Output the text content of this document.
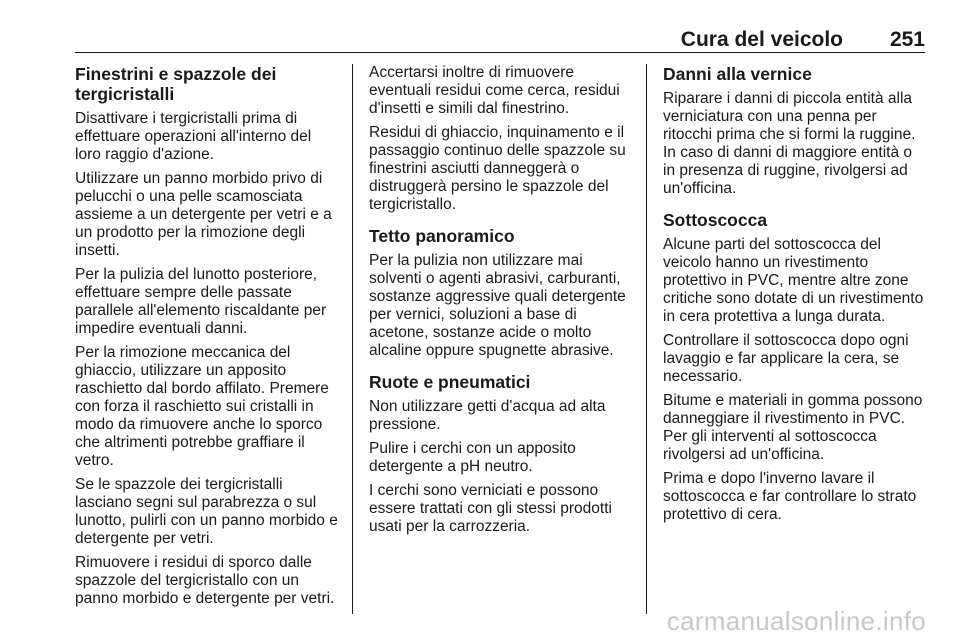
Cura del veicolo 251
Finestrini e spazzole dei tergicristalli

Disattivare i tergicristalli prima di effettuare operazioni all'interno del loro raggio d'azione.

Utilizzare un panno morbido privo di pelucchi o una pelle scamosciata assieme a un detergente per vetri e a un prodotto per la rimozione degli insetti.

Per la pulizia del lunotto posteriore, effettuare sempre delle passate parallele all'elemento riscaldante per impedire eventuali danni.

Per la rimozione meccanica del ghiaccio, utilizzare un apposito raschietto dal bordo affilato. Premere con forza il raschietto sui cristalli in modo da rimuovere anche lo sporco che altrimenti potrebbe graffiare il vetro.

Se le spazzole dei tergicristalli lasciano segni sul parabrezza o sul lunotto, pulirli con un panno morbido e detergente per vetri.

Rimuovere i residui di sporco dalle spazzole del tergicristallo con un panno morbido e detergente per vetri.

Accertarsi inoltre di rimuovere eventuali residui come cerca, residui d'insetti e simili dal finestrino.

Residui di ghiaccio, inquinamento e il passaggio continuo delle spazzole su finestrini asciutti danneggerà o distruggerà persino le spazzole del tergicristallo.

Tetto panoramico

Per la pulizia non utilizzare mai solventi o agenti abrasivi, carburanti, sostanze aggressive quali detergente per vernici, soluzioni a base di acetone, sostanze acide o molto alcaline oppure spugnette abrasive.

Ruote e pneumatici

Non utilizzare getti d'acqua ad alta pressione.

Pulire i cerchi con un apposito detergente a pH neutro.

I cerchi sono verniciati e possono essere trattati con gli stessi prodotti usati per la carrozzeria.

Danni alla vernice

Riparare i danni di piccola entità alla verniciatura con una penna per ritocchi prima che si formi la ruggine. In caso di danni di maggiore entità o in presenza di ruggine, rivolgersi ad un'officina.

Sottoscocca

Alcune parti del sottoscocca del veicolo hanno un rivestimento protettivo in PVC, mentre altre zone critiche sono dotate di un rivestimento in cera protettiva a lunga durata.

Controllare il sottoscocca dopo ogni lavaggio e far applicare la cera, se necessario.

Bitume e materiali in gomma possono danneggiare il rivestimento in PVC. Per gli interventi al sottoscocca rivolgersi ad un'officina.

Prima e dopo l'inverno lavare il sottoscocca e far controllare lo strato protettivo di cera.

carmanualsonline.info
